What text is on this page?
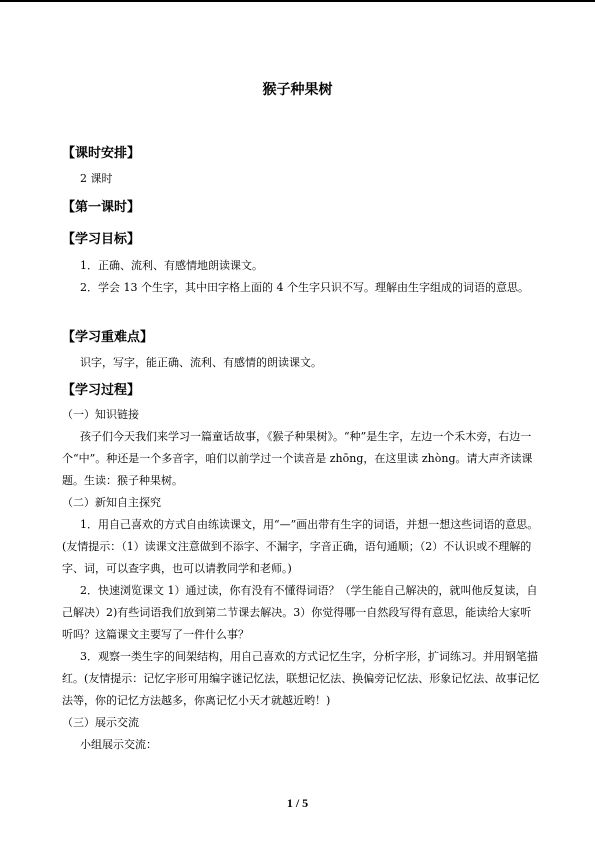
猴子种果树
【课时安排】
2 课时
【第一课时】
【学习目标】
1．正确、流利、有感情地朗读课文。
2．学会 13 个生字，其中田字格上面的 4 个生字只识不写。理解由生字组成的词语的意思。
【学习重难点】
识字，写字，能正确、流利、有感情的朗读课文。
【学习过程】
（一）知识链接
孩子们今天我们来学习一篇童话故事，《猴子种果树》。“种”是生字，左边一个禾木旁，右边一个“中”。种还是一个多音字，咱们以前学过一个读音是 zhōng，在这里读 zhòng。请大声齐读课题。生读：猴子种果树。
（二）新知自主探究
1．用自己喜欢的方式自由练读课文，用“—”画出带有生字的词语，并想一想这些词语的意思。(友情提示：（1）读课文注意做到不添字、不漏字，字音正确，语句通顺；（2）不认识或不理解的字、词，可以查字典，也可以请教同学和老师。)
2．快速浏览课文 1）通过读，你有没有不懂得词语？（学生能自己解决的，就叫他反复读，自己解决）2)有些词语我们放到第二节课去解决。3）你觉得哪一自然段写得有意思，能读给大家听听吗？这篇课文主要写了一件什么事？
3．观察一类生字的间架结构，用自己喜欢的方式记忆生字，分析字形，扩词练习。并用钢笔描红。(友情提示：记忆字形可用编字谜记忆法，联想记忆法、换偏旁记忆法、形象记忆法、故事记忆法等，你的记忆方法越多，你离记忆小天才就越近哟！)
（三）展示交流
小组展示交流：
1 / 5
